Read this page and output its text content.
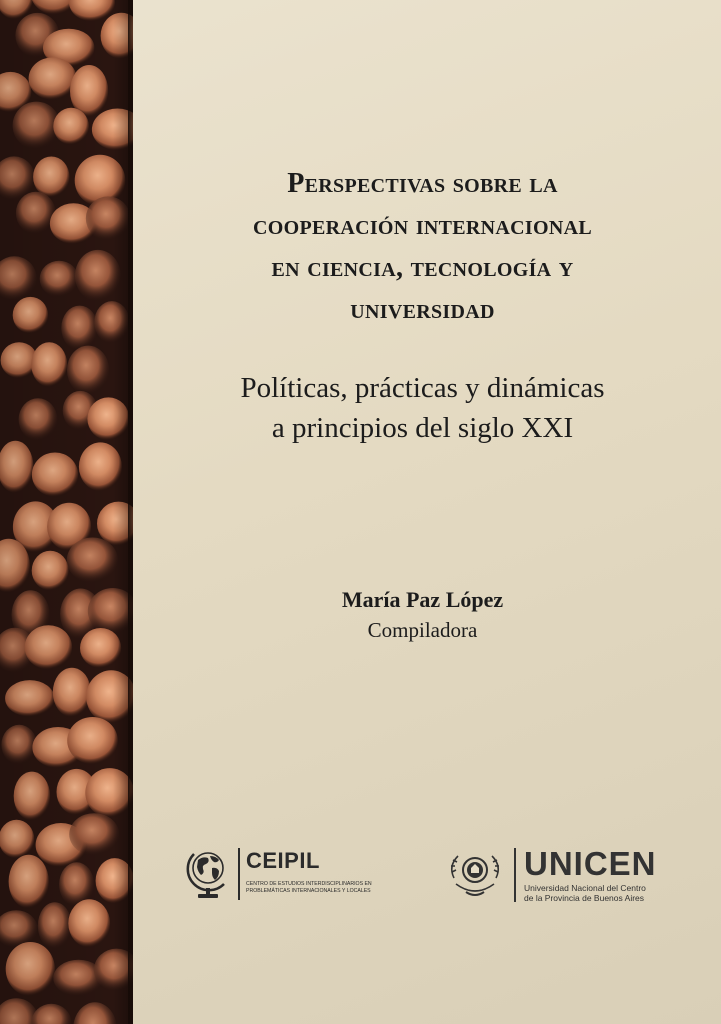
Perspectivas sobre la
cooperación internacional
en ciencia, tecnología y
universidad
Políticas, prácticas y dinámicas
a principios del siglo XXI
María Paz López
Compiladora
CEIPIL
CENTRO DE ESTUDIOS INTERDISCIPLINARIOS EN
PROBLEMÁTICAS INTERNACIONALES Y LOCALES
UNICEN
Universidad Nacional del Centro
de la Provincia de Buenos Aires
